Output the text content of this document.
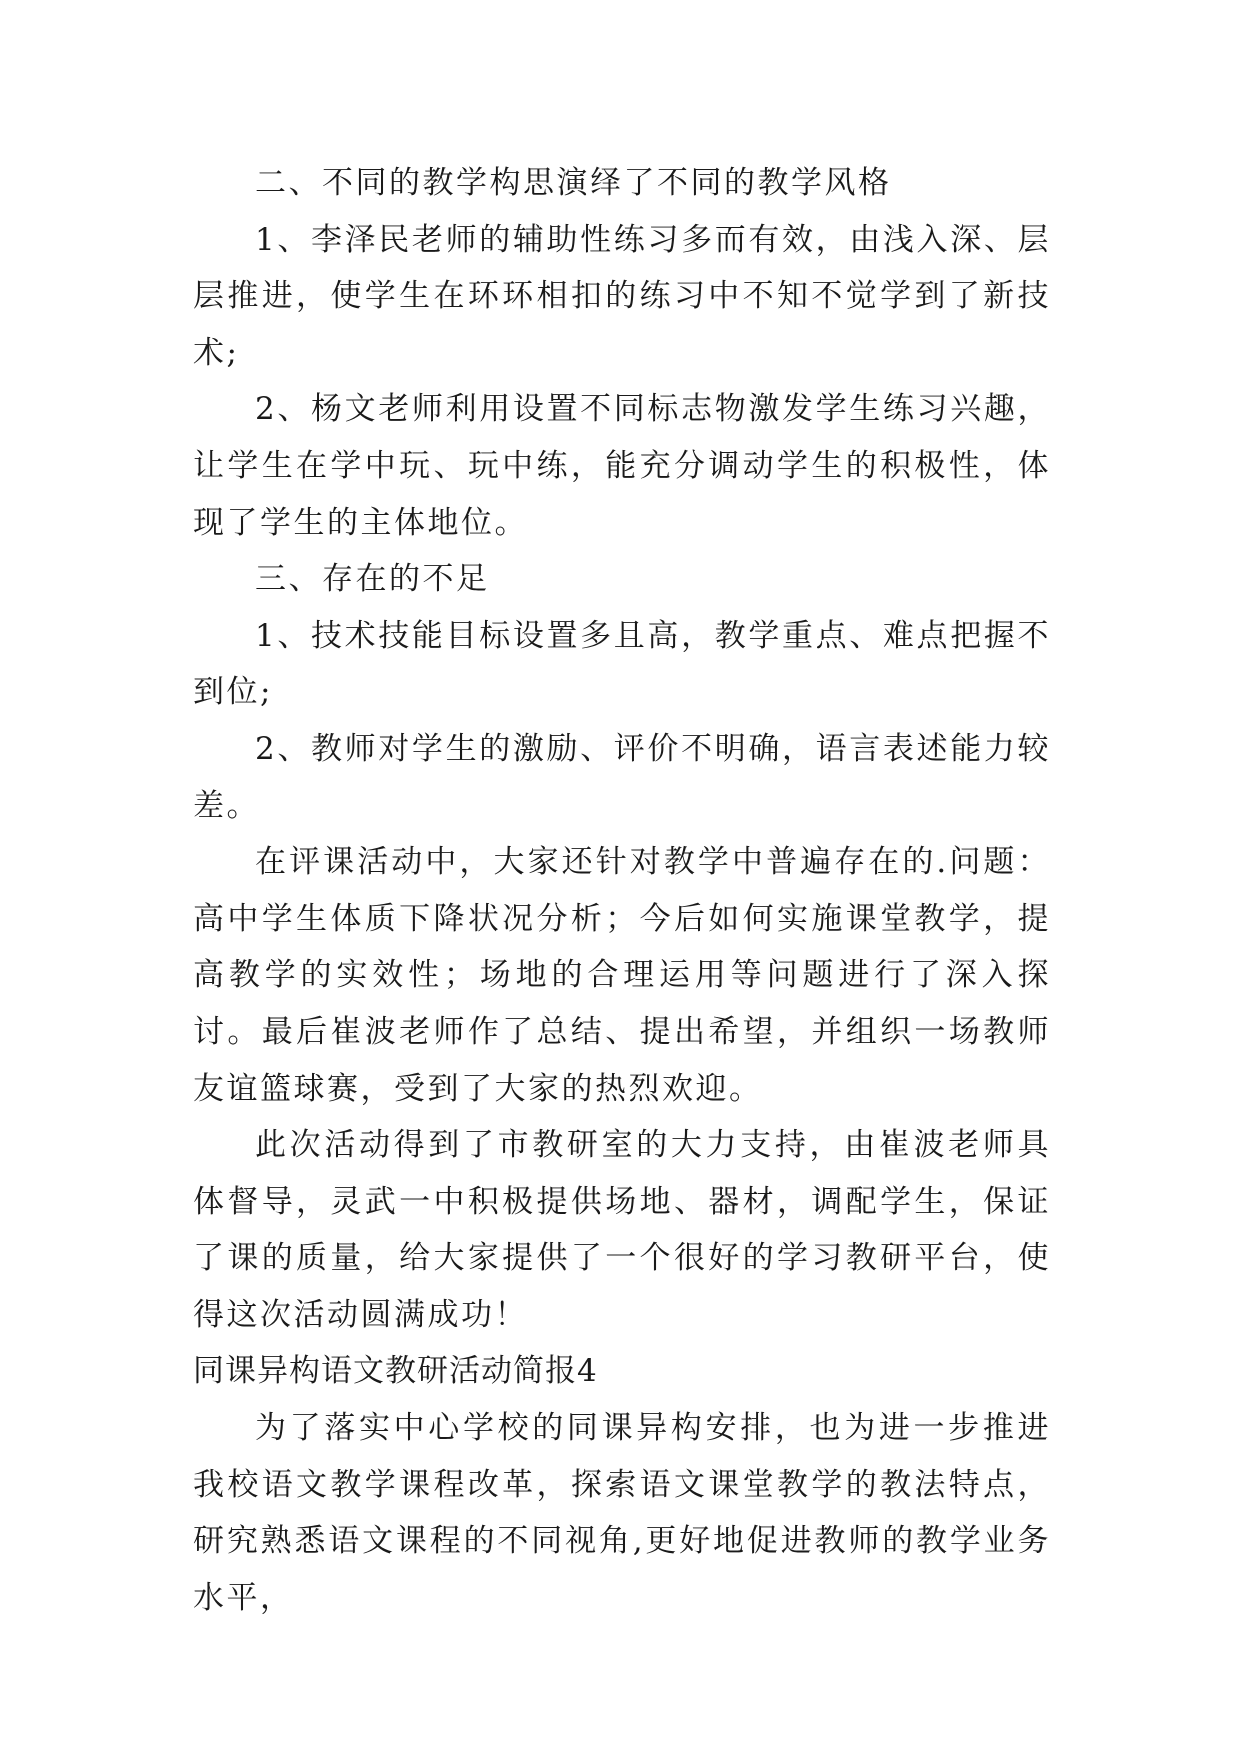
二、不同的教学构思演绎了不同的教学风格

1、李泽民老师的辅助性练习多而有效，由浅入深、层层推进，使学生在环环相扣的练习中不知不觉学到了新技术;

2、杨文老师利用设置不同标志物激发学生练习兴趣，让学生在学中玩、玩中练，能充分调动学生的积极性，体现了学生的主体地位。

三、存在的不足

1、技术技能目标设置多且高，教学重点、难点把握不到位;

2、教师对学生的激励、评价不明确，语言表述能力较差。

在评课活动中，大家还针对教学中普遍存在的.问题：高中学生体质下降状况分析；今后如何实施课堂教学，提高教学的实效性；场地的合理运用等问题进行了深入探讨。最后崔波老师作了总结、提出希望，并组织一场教师友谊篮球赛，受到了大家的热烈欢迎。

此次活动得到了市教研室的大力支持，由崔波老师具体督导，灵武一中积极提供场地、器材，调配学生，保证了课的质量，给大家提供了一个很好的学习教研平台，使得这次活动圆满成功！

同课异构语文教研活动简报4

为了落实中心学校的同课异构安排，也为进一步推进我校语文教学课程改革，探索语文课堂教学的教法特点，研究熟悉语文课程的不同视角,更好地促进教师的教学业务水平，
